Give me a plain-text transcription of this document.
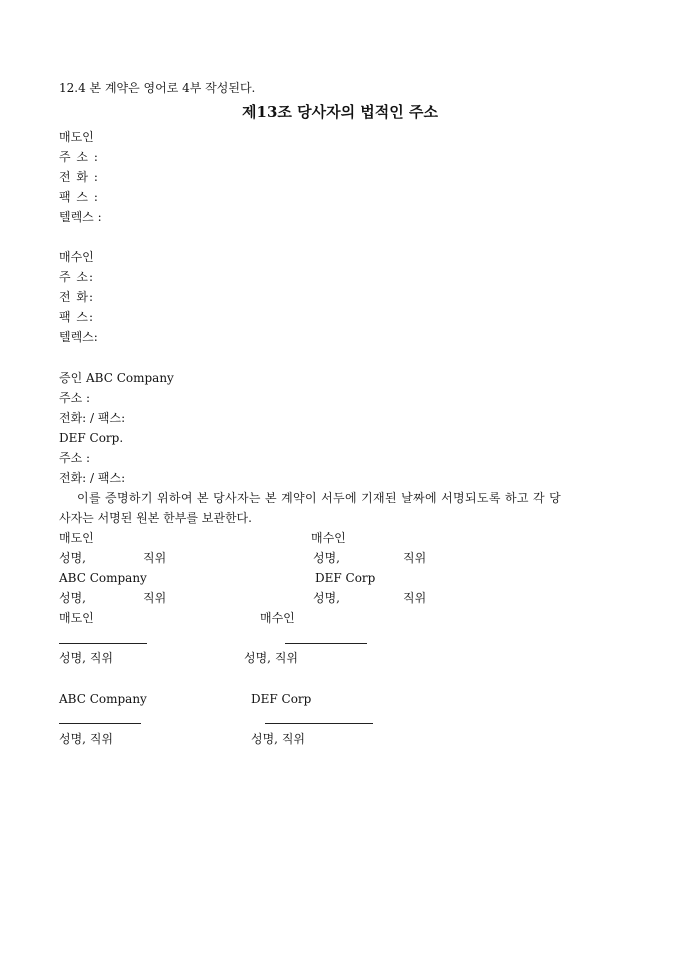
12.4 본 계약은 영어로 4부 작성된다.
제13조 당사자의 법적인 주소
매도인
주 소 :
전 화 :
팩 스 :
텔렉스 :
매수인
주 소:
전 화:
팩 스:
텔렉스:
증인 ABC Company
주소 :
전화: / 팩스:
DEF Corp.
주소 :
전화: / 팩스:
이를 증명하기 위하여 본 당사자는 본 계약이 서두에 기재된 날짜에 서명되도록 하고 각 당
사자는 서명된 원본 한부를 보관한다.
매도인	매수인
성명,	직위	성명,	직위
ABC Company	DEF Corp
성명,	직위	성명,	직위
매도인	매수인
성명, 직위	성명, 직위
ABC Company	DEF Corp
성명, 직위	성명, 직위
